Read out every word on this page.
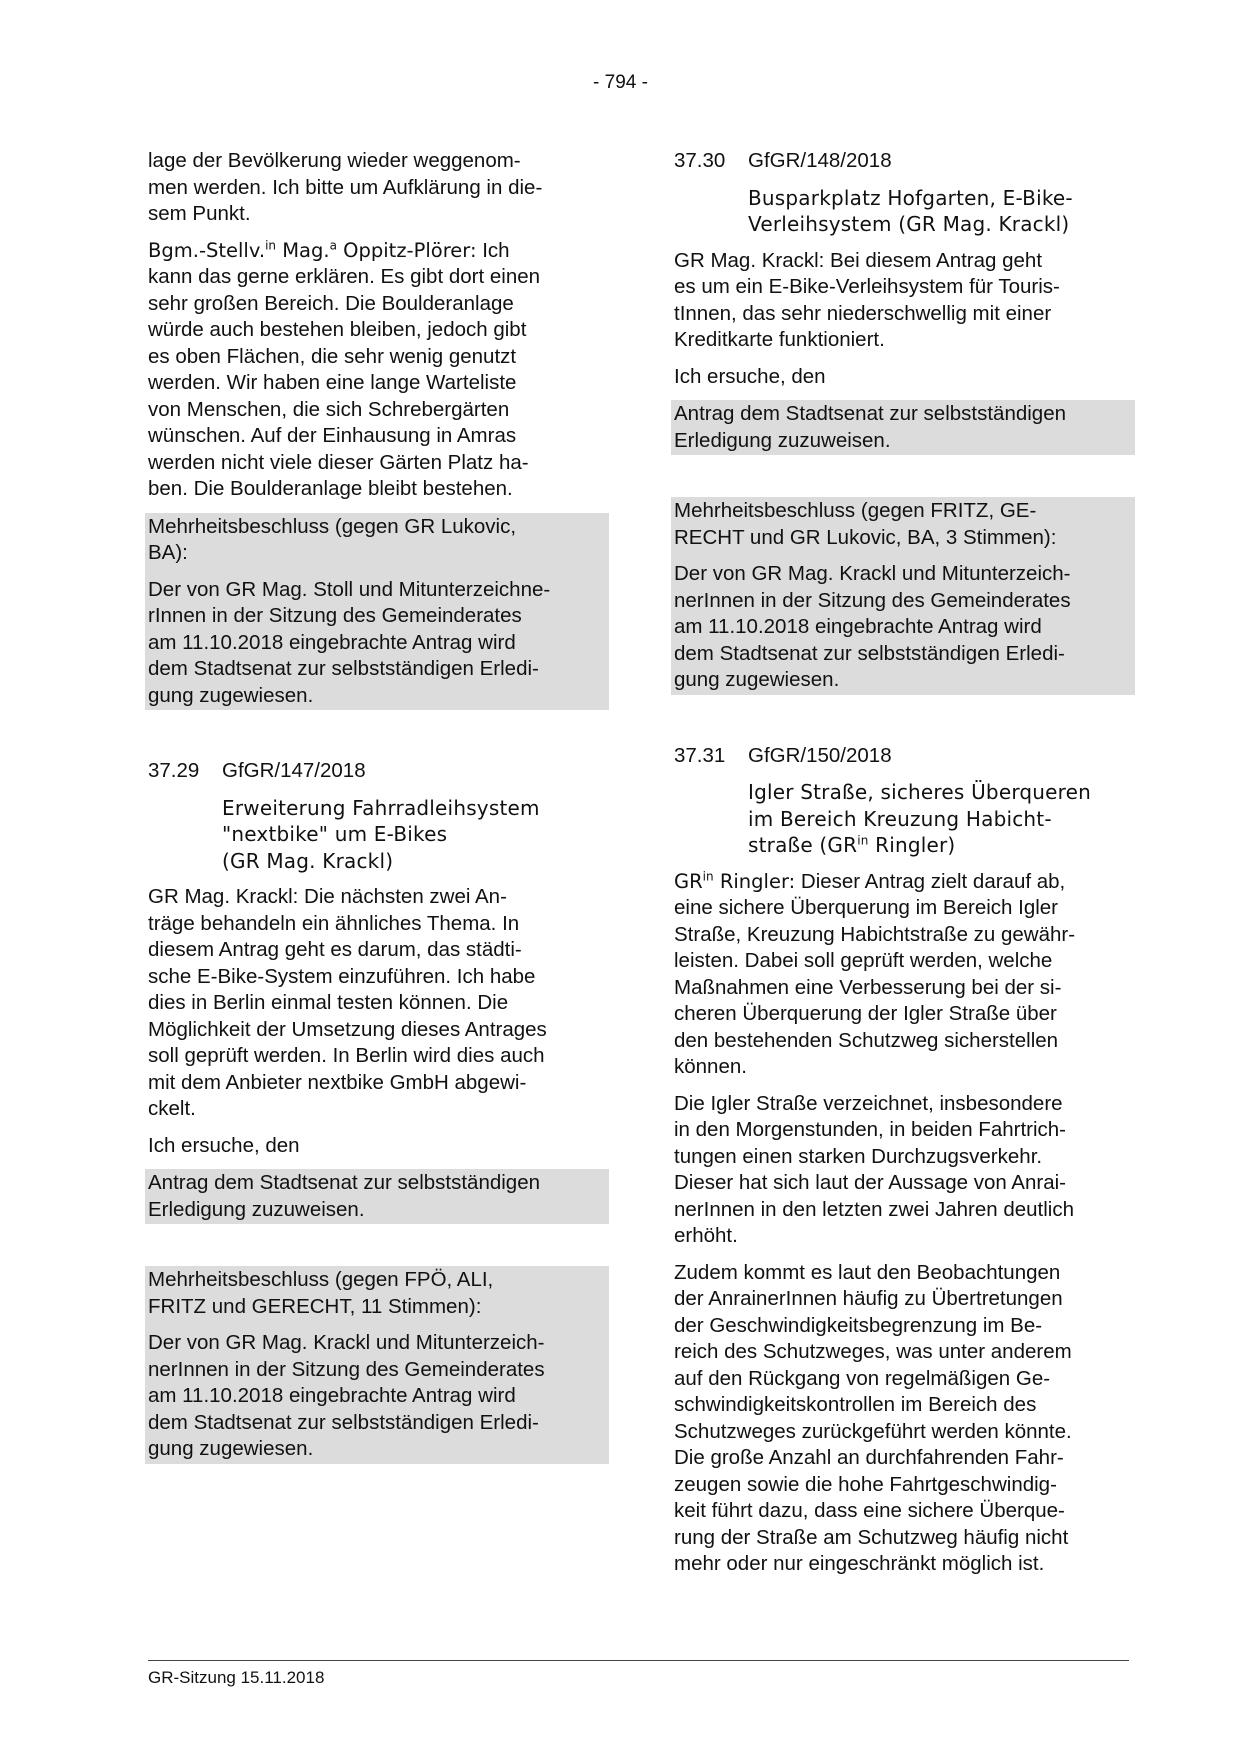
- 794 -

lage der Bevölkerung wieder weggenom-
men werden. Ich bitte um Aufklärung in die-
sem Punkt.

Bgm.-Stellv.$^{in}$ Mag.$^a$ Oppitz-Plörer: Ich
kann das gerne erklären. Es gibt dort einen
sehr großen Bereich. Die Boulderanlage
würde auch bestehen bleiben, jedoch gibt
es oben Flächen, die sehr wenig genutzt
werden. Wir haben eine lange Warteliste
von Menschen, die sich Schrebergärten
wünschen. Auf der Einhausung in Amras
werden nicht viele dieser Gärten Platz ha-
ben. Die Boulderanlage bleibt bestehen.

Mehrheitsbeschluss (gegen GR Lukovic,
BA):

Der von GR Mag. Stoll und Mitunterzeichne-
rInnen in der Sitzung des Gemeinderates
am 11.10.2018 eingebrachte Antrag wird
dem Stadtsenat zur selbstständigen Erledi-
gung zugewiesen.

37.29	GfGR/147/2018

Erweiterung Fahrradleihsystem
"nextbike" um E-Bikes
(GR Mag. Krackl)

GR Mag. Krackl: Die nächsten zwei An-
träge behandeln ein ähnliches Thema. In
diesem Antrag geht es darum, das städti-
sche E-Bike-System einzuführen. Ich habe
dies in Berlin einmal testen können. Die
Möglichkeit der Umsetzung dieses Antrages
soll geprüft werden. In Berlin wird dies auch
mit dem Anbieter nextbike GmbH abgewi-
ckelt.

Ich ersuche, den

Antrag dem Stadtsenat zur selbstständigen
Erledigung zuzuweisen.

Mehrheitsbeschluss (gegen FPÖ, ALI,
FRITZ und GERECHT, 11 Stimmen):

Der von GR Mag. Krackl und Mitunterzeich-
nerInnen in der Sitzung des Gemeinderates
am 11.10.2018 eingebrachte Antrag wird
dem Stadtsenat zur selbstständigen Erledi-
gung zugewiesen.

37.30	GfGR/148/2018

Busparkplatz Hofgarten, E-Bike-
Verleihsystem (GR Mag. Krackl)

GR Mag. Krackl: Bei diesem Antrag geht
es um ein E-Bike-Verleihsystem für Touris-
tInnen, das sehr niederschwellig mit einer
Kreditkarte funktioniert.

Ich ersuche, den

Antrag dem Stadtsenat zur selbstständigen
Erledigung zuzuweisen.

Mehrheitsbeschluss (gegen FRITZ, GE-
RECHT und GR Lukovic, BA, 3 Stimmen):

Der von GR Mag. Krackl und Mitunterzeich-
nerInnen in der Sitzung des Gemeinderates
am 11.10.2018 eingebrachte Antrag wird
dem Stadtsenat zur selbstständigen Erledi-
gung zugewiesen.

37.31	GfGR/150/2018

Igler Straße, sicheres Überqueren
im Bereich Kreuzung Habicht-
straße ($GR^{in}$ Ringler)

$GR^{in}$ Ringler: Dieser Antrag zielt darauf ab,
eine sichere Überquerung im Bereich Igler
Straße, Kreuzung Habichtstraße zu gewähr-
leisten. Dabei soll geprüft werden, welche
Maßnahmen eine Verbesserung bei der si-
cheren Überquerung der Igler Straße über
den bestehenden Schutzweg sicherstellen
können.

Die Igler Straße verzeichnet, insbesondere
in den Morgenstunden, in beiden Fahrtrich-
tungen einen starken Durchzugsverkehr.
Dieser hat sich laut der Aussage von Anrai-
nerInnen in den letzten zwei Jahren deutlich
erhöht.

Zudem kommt es laut den Beobachtungen
der AnrainerInnen häufig zu Übertretungen
der Geschwindigkeitsbegrenzung im Be-
reich des Schutzweges, was unter anderem
auf den Rückgang von regelmäßigen Ge-
schwindigkeitskontrollen im Bereich des
Schutzweges zurückgeführt werden könnte.
Die große Anzahl an durchfahrenden Fahr-
zeugen sowie die hohe Fahrtgeschwindig-
keit führt dazu, dass eine sichere Überque-
rung der Straße am Schutzweg häufig nicht
mehr oder nur eingeschränkt möglich ist.

GR-Sitzung 15.11.2018
